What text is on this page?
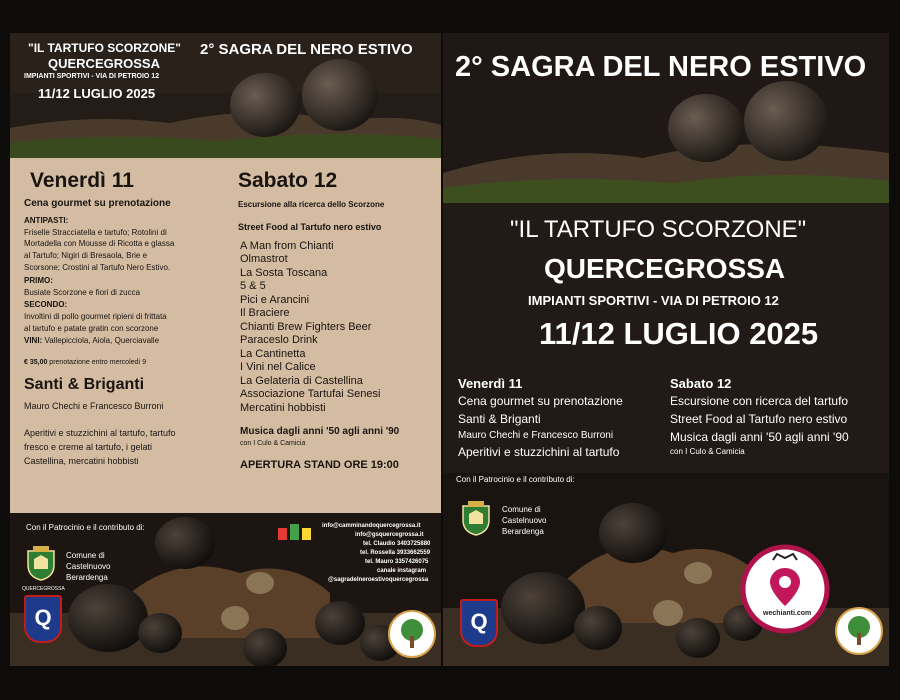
"IL TARTUFO SCORZONE"
QUERCEGROSSA
IMPIANTI SPORTIVI - VIA DI PETROIO 12
11/12 LUGLIO 2025
2° SAGRA DEL NERO ESTIVO
Venerdì 11
Cena gourmet su prenotazione
ANTIPASTI:
Friselle Stracciatella e tartufo; Rotolini di
Mortadella con Mousse di Ricotta e glassa
al Tartufo; Nigiri di Bresaola, Brie e
Scorsone; Crostini al Tartufo Nero Estivo.
PRIMO:
Busiate Scorzone e fiori di zucca
SECONDO:
Involtini di pollo gourmet ripieni di frittata
al tartufo e patate gratin con scorzone
VINI: Vallepicciola, Aiola, Querciavalle
€ 35,00 prenotazione entro mercoledì 9
Santi & Briganti
Mauro Chechi e Francesco Burroni
Aperitivi e stuzzichini al tartufo, tartufo
fresco e creme al tartufo, i gelati
Castellina, mercatini hobbisti
Sabato 12
Escursione alla ricerca dello Scorzone
Street Food al Tartufo nero estivo
A Man from Chianti
Olmastrot
La Sosta Toscana
5 & 5
Pici e Arancini
Il Braciere
Chianti Brew Fighters Beer
Paraceslo Drink
La Cantinetta
I Vini nel Calice
La Gelateria di Castellina
Associazione Tartufai Senesi
Mercatini hobbisti
Musica dagli anni '50 agli anni '90
con I Culo & Camicia
APERTURA STAND ORE 19:00
Con il Patrocinio e il contributo di:
Comune di
Castelnuovo
Berardenga
QUERCEGROSSA
Q
info@camminandoquercegrossa.it
info@gsquercegrossa.it
tel. Claudio 3403725880
tel. Rossella 3933662559
tel. Mauro 3357426075
canale instagram
@sagradelneroestivoquercegrossa
2° SAGRA DEL NERO ESTIVO
"IL TARTUFO SCORZONE"
QUERCEGROSSA
IMPIANTI SPORTIVI - VIA DI PETROIO 12
11/12 LUGLIO 2025
Venerdì 11
Cena gourmet su prenotazione
Santi & Briganti
Mauro Chechi e Francesco Burroni
Aperitivi e stuzzichini al tartufo
Sabato 12
Escursione con ricerca del tartufo
Street Food al Tartufo nero estivo
Musica dagli anni '50 agli anni '90
con I Culo & Camicia
Con il Patrocinio e il contributo di:
Comune di
Castelnuovo
Berardenga
Q	wechianti.com
